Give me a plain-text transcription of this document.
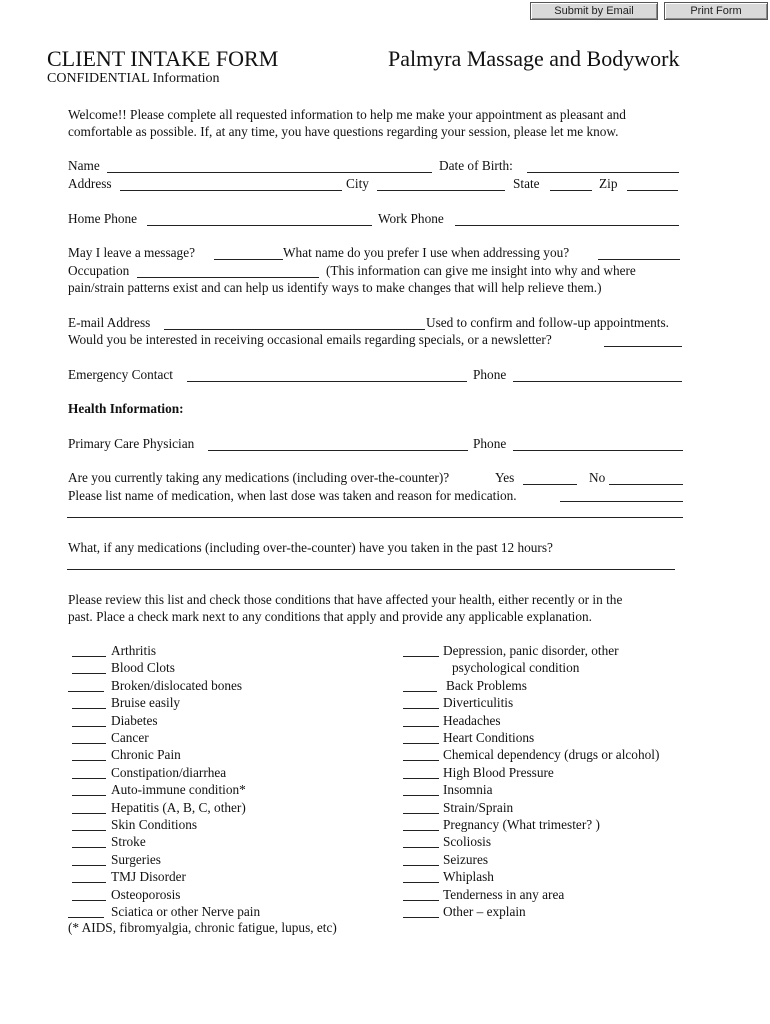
Submit by Email	Print Form
CLIENT INTAKE FORM	Palmyra Massage and Bodywork
CONFIDENTIAL Information
Welcome!! Please complete all requested information to help me make your appointment as pleasant and
comfortable as possible. If, at any time, you have questions regarding your session, please let me know.
Name	Date of Birth:
Address	City	State	Zip
Home Phone	Work Phone
May I leave a message?	What name do you prefer I use when addressing you?
Occupation	(This information can give me insight into why and where
pain/strain patterns exist and can help us identify ways to make changes that will help relieve them.)
E-mail Address	Used to confirm and follow-up appointments.
Would you be interested in receiving occasional emails regarding specials, or a newsletter?
Emergency Contact	Phone
Health Information:
Primary Care Physician	Phone
Are you currently taking any medications (including over-the-counter)?	Yes	No
Please list name of medication, when last dose was taken and reason for medication.
What, if any medications (including over-the-counter) have you taken in the past 12 hours?
Please review this list and check those conditions that have affected your health, either recently or in the
past. Place a check mark next to any conditions that apply and provide any applicable explanation.
Arthritis
Blood Clots
Broken/dislocated bones
Bruise easily
Diabetes
Cancer
Chronic Pain
Constipation/diarrhea
Auto-immune condition*
Hepatitis (A, B, C, other)
Skin Conditions
Stroke
Surgeries
TMJ Disorder
Osteoporosis
Sciatica or other Nerve pain
Depression, panic disorder, other
psychological condition
Back Problems
Diverticulitis
Headaches
Heart Conditions
Chemical dependency (drugs or alcohol)
High Blood Pressure
Insomnia
Strain/Sprain
Pregnancy (What trimester? )
Scoliosis
Seizures
Whiplash
Tenderness in any area
Other – explain
(* AIDS, fibromyalgia, chronic fatigue, lupus, etc)
